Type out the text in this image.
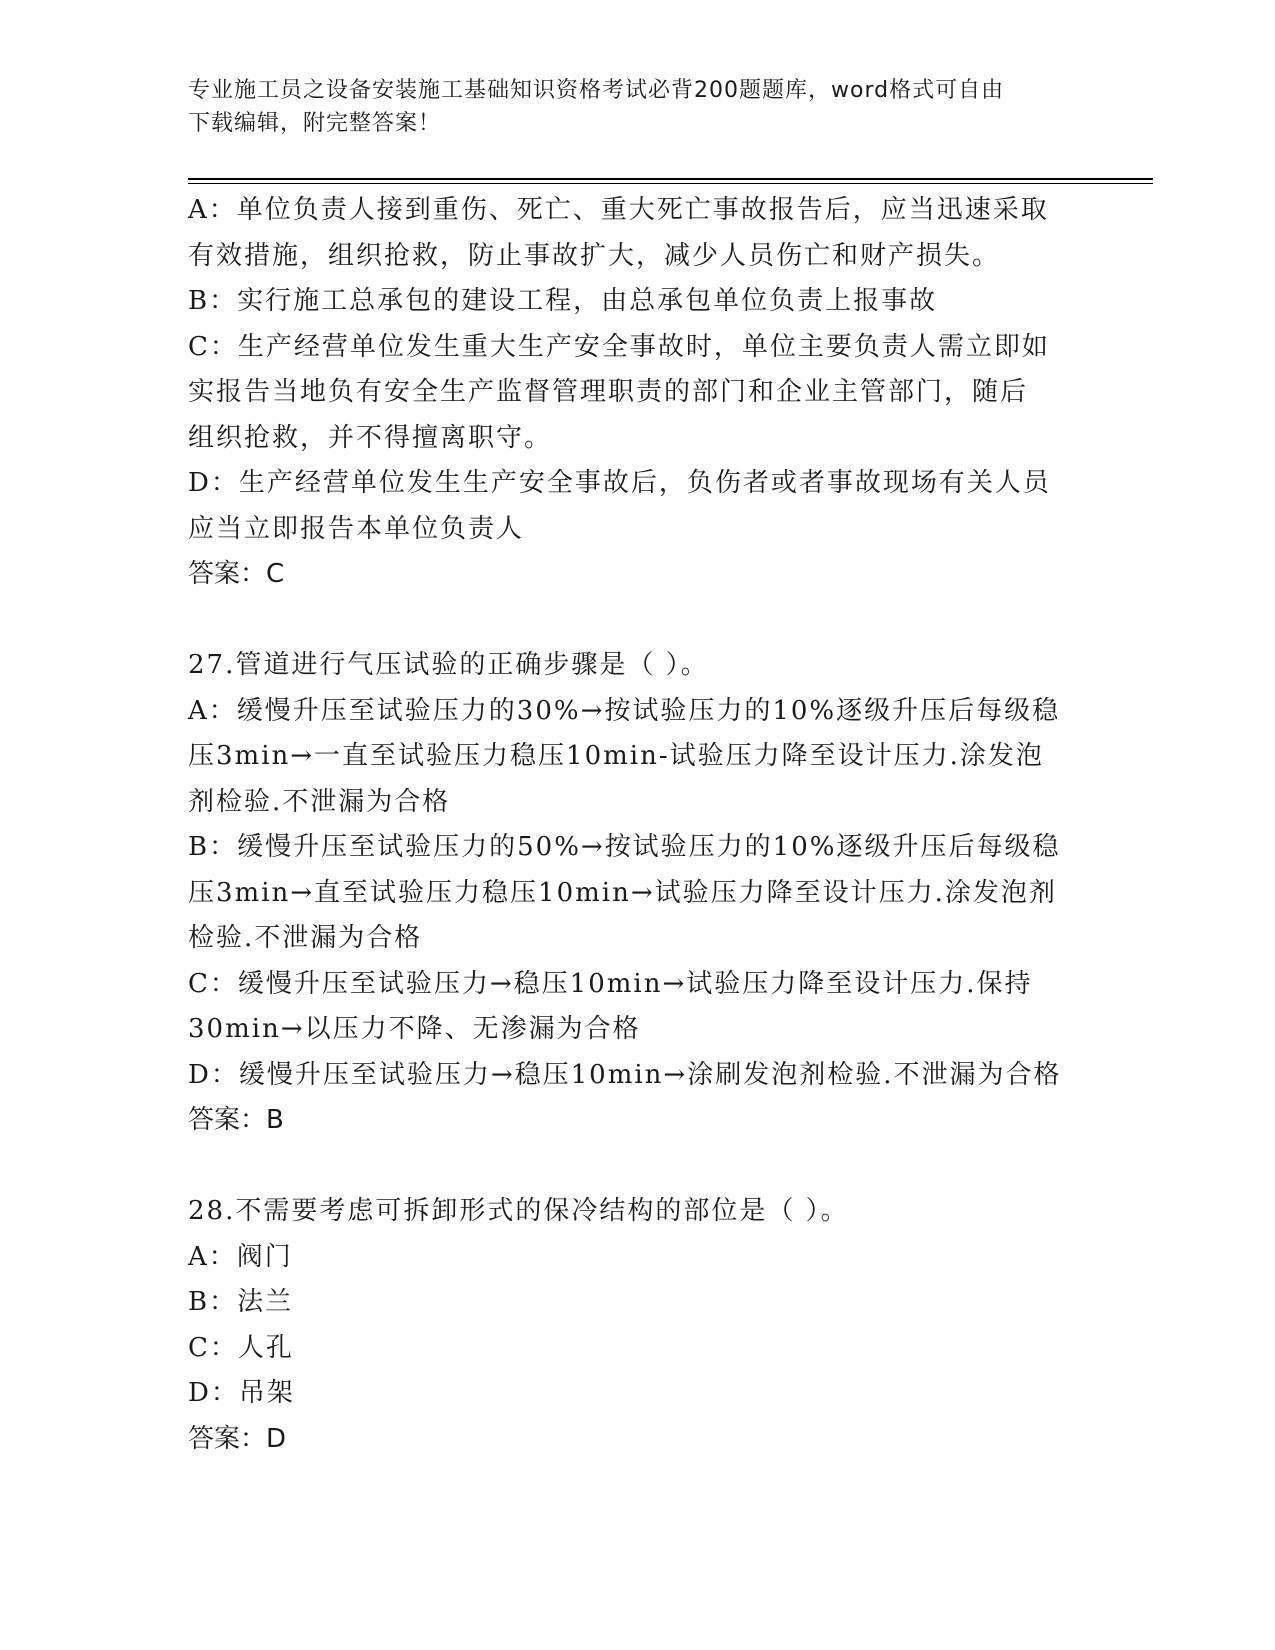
专业施工员之设备安装施工基础知识资格考试必背200题题库，word格式可自由
下载编辑，附完整答案！
A：单位负责人接到重伤、死亡、重大死亡事故报告后，应当迅速采取
有效措施，组织抢救，防止事故扩大，减少人员伤亡和财产损失。
B：实行施工总承包的建设工程，由总承包单位负责上报事故
C：生产经营单位发生重大生产安全事故时，单位主要负责人需立即如
实报告当地负有安全生产监督管理职责的部门和企业主管部门，随后
组织抢救，并不得擅离职守。
D：生产经营单位发生生产安全事故后，负伤者或者事故现场有关人员
应当立即报告本单位负责人
答案：C
27.管道进行气压试验的正确步骤是（ ）。
A：缓慢升压至试验压力的30%→按试验压力的10%逐级升压后每级稳
压3min→一直至试验压力稳压10min-试验压力降至设计压力.涂发泡
剂检验.不泄漏为合格
B：缓慢升压至试验压力的50%→按试验压力的10%逐级升压后每级稳
压3min→直至试验压力稳压10min→试验压力降至设计压力.涂发泡剂
检验.不泄漏为合格
C：缓慢升压至试验压力→稳压10min→试验压力降至设计压力.保持
30min→以压力不降、无渗漏为合格
D：缓慢升压至试验压力→稳压10min→涂刷发泡剂检验.不泄漏为合格
答案：B
28.不需要考虑可拆卸形式的保冷结构的部位是（ ）。
A：阀门
B：法兰
C：人孔
D：吊架
答案：D
